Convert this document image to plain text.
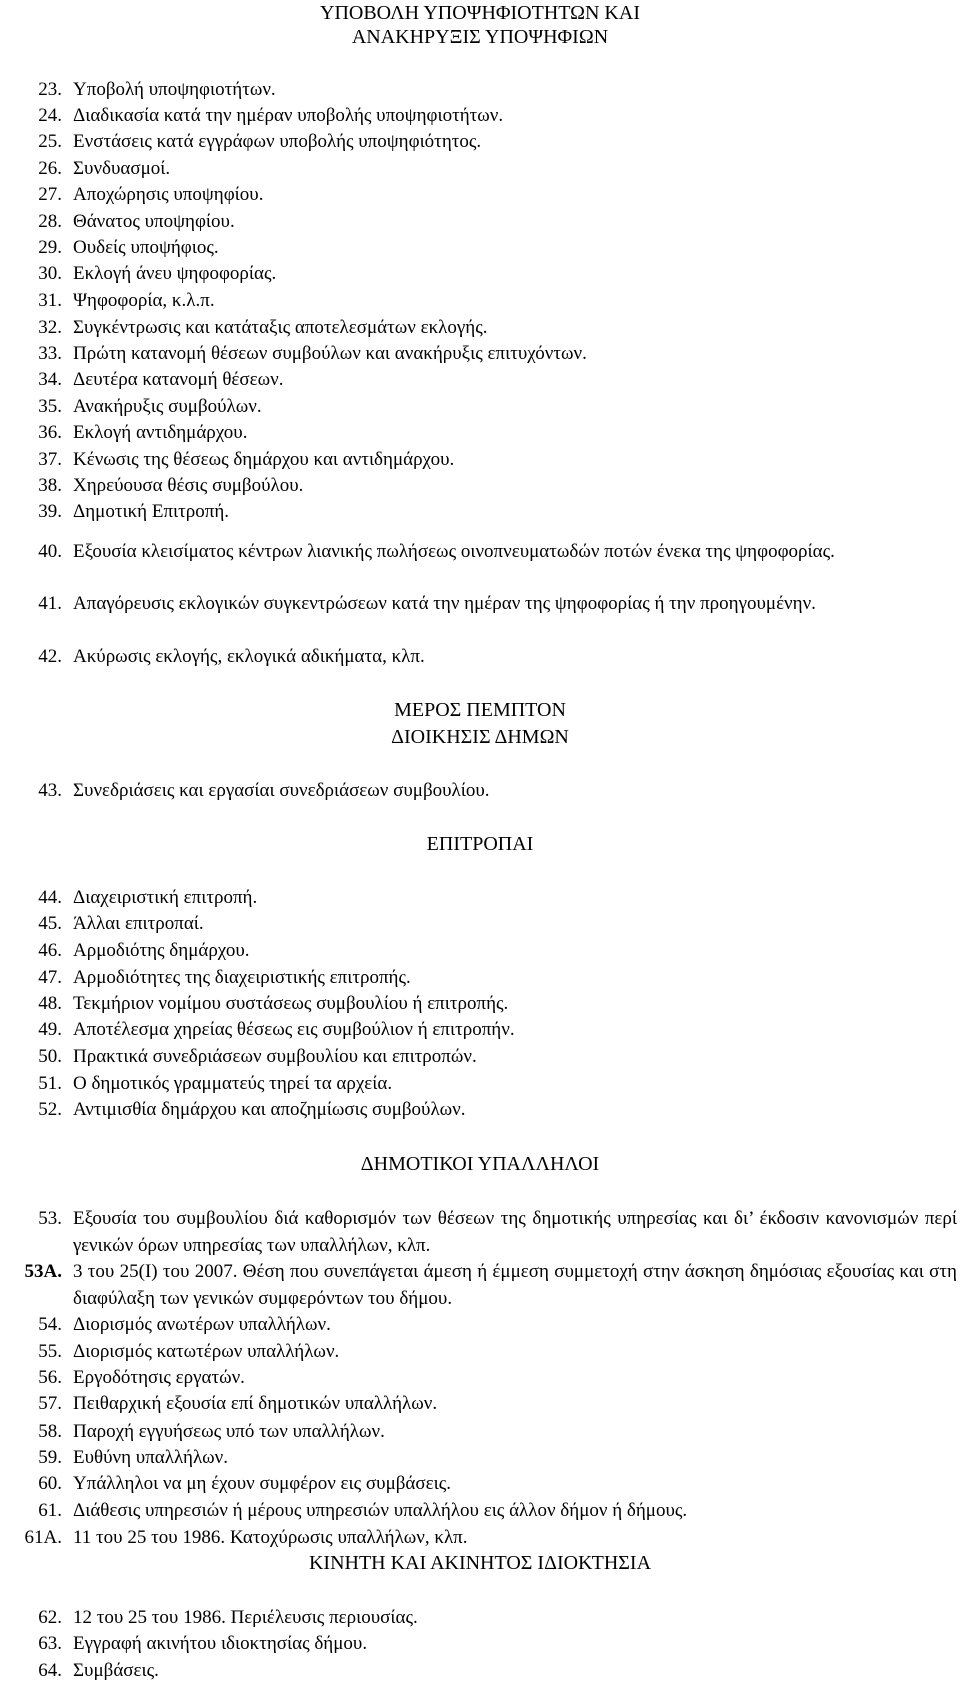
ΥΠΟΒΟΛΗ ΥΠΟΨΗΦΙΟΤΗΤΩΝ ΚΑΙ
ΑΝΑΚΗΡΥΞΙΣ ΥΠΟΨΗΦΙΩΝ
23. Υποβολή υποψηφιοτήτων.
24. Διαδικασία κατά την ημέραν υποβολής υποψηφιοτήτων.
25. Ενστάσεις κατά εγγράφων υποβολής υποψηφιότητος.
26. Συνδυασμοί.
27. Αποχώρησις υποψηφίου.
28. Θάνατος υποψηφίου.
29. Ουδείς υποψήφιος.
30. Εκλογή άνευ ψηφοφορίας.
31. Ψηφοφορία, κ.λ.π.
32. Συγκέντρωσις και κατάταξις αποτελεσμάτων εκλογής.
33. Πρώτη κατανομή θέσεων συμβούλων και ανακήρυξις επιτυχόντων.
34. Δευτέρα κατανομή θέσεων.
35. Ανακήρυξις συμβούλων.
36. Εκλογή αντιδημάρχου.
37. Κένωσις της θέσεως δημάρχου και αντιδημάρχου.
38. Χηρεύουσα θέσις συμβούλου.
39. Δημοτική Επιτροπή.
40. Εξουσία κλεισίματος κέντρων λιανικής πωλήσεως οινοπνευματωδών ποτών ένεκα της ψηφοφορίας.
41. Απαγόρευσις εκλογικών συγκεντρώσεων κατά την ημέραν της ψηφοφορίας ή την προηγουμένην.
42. Ακύρωσις εκλογής, εκλογικά αδικήματα, κλπ.
ΜΕΡΟΣ ΠΕΜΠΤΟΝ
ΔΙΟΙΚΗΣΙΣ ΔΗΜΩΝ
43. Συνεδριάσεις και εργασίαι συνεδριάσεων συμβουλίου.
ΕΠΙΤΡΟΠΑΙ
44. Διαχειριστική επιτροπή.
45. Άλλαι επιτροπαί.
46. Αρμοδιότης δημάρχου.
47. Αρμοδιότητες της διαχειριστικής επιτροπής.
48. Τεκμήριον νομίμου συστάσεως συμβουλίου ή επιτροπής.
49. Αποτέλεσμα χηρείας θέσεως εις συμβούλιον ή επιτροπήν.
50. Πρακτικά συνεδριάσεων συμβουλίου και επιτροπών.
51. Ο δημοτικός γραμματεύς τηρεί τα αρχεία.
52. Αντιμισθία δημάρχου και αποζημίωσις συμβούλων.
ΔΗΜΟΤΙΚΟΙ ΥΠΑΛΛΗΛΟΙ
53. Εξουσία του συμβουλίου διά καθορισμόν των θέσεων της δημοτικής υπηρεσίας και δι’ έκδοσιν κανονισμών περί γενικών όρων υπηρεσίας των υπαλλήλων, κλπ.
53Α. 3 του 25(Ι) του 2007. Θέση που συνεπάγεται άμεση ή έμμεση συμμετοχή στην άσκηση δημόσιας εξουσίας και στη διαφύλαξη των γενικών συμφερόντων του δήμου.
54. Διορισμός ανωτέρων υπαλλήλων.
55. Διορισμός κατωτέρων υπαλλήλων.
56. Εργοδότησις εργατών.
57. Πειθαρχική εξουσία επί δημοτικών υπαλλήλων.
58. Παροχή εγγυήσεως υπό των υπαλλήλων.
59. Ευθύνη υπαλλήλων.
60. Υπάλληλοι να μη έχουν συμφέρον εις συμβάσεις.
61. Διάθεσις υπηρεσιών ή μέρους υπηρεσιών υπαλλήλου εις άλλον δήμον ή δήμους.
61Α. 11 του 25 του 1986. Κατοχύρωσις υπαλλήλων, κλπ.
ΚΙΝΗΤΗ ΚΑΙ ΑΚΙΝΗΤΟΣ ΙΔΙΟΚΤΗΣΙΑ
62. 12 του 25 του 1986. Περιέλευσις περιουσίας.
63. Εγγραφή ακινήτου ιδιοκτησίας δήμου.
64. Συμβάσεις.
